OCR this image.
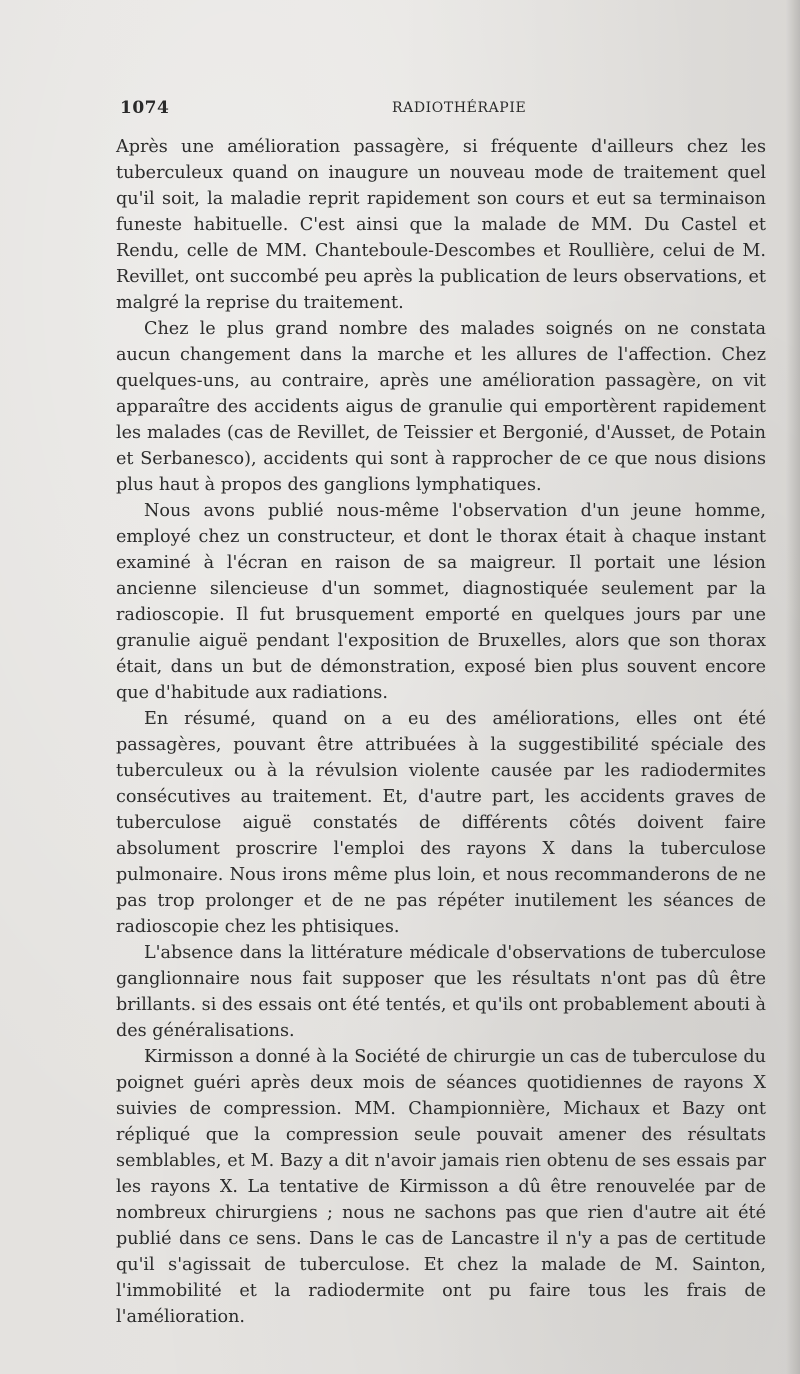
1074	RADIOTHÉRAPIE

Après une amélioration passagère, si fréquente d'ailleurs chez les tuberculeux quand on inaugure un nouveau mode de traitement quel qu'il soit, la maladie reprit rapidement son cours et eut sa terminaison funeste habituelle. C'est ainsi que la malade de MM. Du Castel et Rendu, celle de MM. Chanteboule-Descombes et Roullière, celui de M. Revillet, ont succombé peu après la publication de leurs observations, et malgré la reprise du traitement.

Chez le plus grand nombre des malades soignés on ne constata aucun changement dans la marche et les allures de l'affection. Chez quelques-uns, au contraire, après une amélioration passagère, on vit apparaître des accidents aigus de granulie qui emportèrent rapidement les malades (cas de Revillet, de Teissier et Bergonié, d'Ausset, de Potain et Serbanesco), accidents qui sont à rapprocher de ce que nous disions plus haut à propos des ganglions lymphatiques.

Nous avons publié nous-même l'observation d'un jeune homme, employé chez un constructeur, et dont le thorax était à chaque instant examiné à l'écran en raison de sa maigreur. Il portait une lésion ancienne silencieuse d'un sommet, diagnostiquée seulement par la radioscopie. Il fut brusquement emporté en quelques jours par une granulie aiguë pendant l'exposition de Bruxelles, alors que son thorax était, dans un but de démonstration, exposé bien plus souvent encore que d'habitude aux radiations.

En résumé, quand on a eu des améliorations, elles ont été passagères, pouvant être attribuées à la suggestibilité spéciale des tuberculeux ou à la révulsion violente causée par les radiodermites consécutives au traitement. Et, d'autre part, les accidents graves de tuberculose aiguë constatés de différents côtés doivent faire absolument proscrire l'emploi des rayons X dans la tuberculose pulmonaire. Nous irons même plus loin, et nous recommanderons de ne pas trop prolonger et de ne pas répéter inutilement les séances de radioscopie chez les phtisiques.

L'absence dans la littérature médicale d'observations de tuberculose ganglionnaire nous fait supposer que les résultats n'ont pas dû être brillants. si des essais ont été tentés, et qu'ils ont probablement abouti à des généralisations.

Kirmisson a donné à la Société de chirurgie un cas de tuberculose du poignet guéri après deux mois de séances quotidiennes de rayons X suivies de compression. MM. Championnière, Michaux et Bazy ont répliqué que la compression seule pouvait amener des résultats semblables, et M. Bazy a dit n'avoir jamais rien obtenu de ses essais par les rayons X. La tentative de Kirmisson a dû être renouvelée par de nombreux chirurgiens ; nous ne sachons pas que rien d'autre ait été publié dans ce sens. Dans le cas de Lancastre il n'y a pas de certitude qu'il s'agissait de tuberculose. Et chez la malade de M. Sainton, l'immobilité et la radiodermite ont pu faire tous les frais de l'amélioration.
